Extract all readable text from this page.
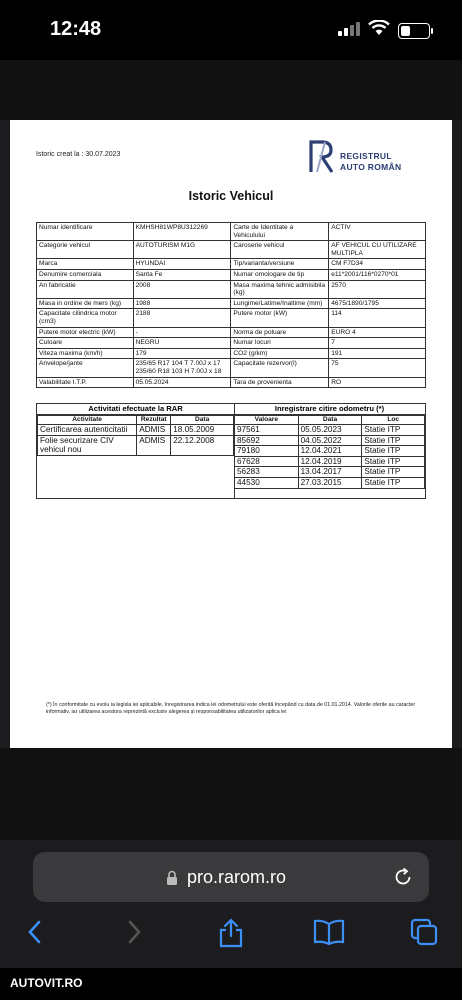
12:48
Istoric creat la : 30.07.2023	REGISTRUL
AUTO ROMÂN
Istoric Vehicul
Numar identificare	KMHSH81WP8U312269	Carte de Identitate a Vehiculului	ACTIV
Categorie vehicul	AUTOTURISM M1G	Caroserie vehicul	AF VEHICUL CU UTILIZARE MULTIPLA
Marca	HYUNDAI	Tip/varianta/versiune	CM F7D34
Denumire comerciala	Santa Fe	Numar omologare de tip	e11*2001/116*0270*01
An fabricatie	2008	Masa maxima tehnic admisibila (kg)	2570
Masa in ordine de mers (kg)	1988	Lungime/Latime/Inaltime (mm)	4675/1890/1795
Capacitate cilindrica motor (cm3)	2188	Putere motor (kW)	114
Putere motor electric (kW)	-	Norma de poluare	EURO 4
Culoare	NEGRU	Numar locuri	7
Viteza maxima (km/h)	179	CO2 (g/km)	191
Anvelope/jante	235/65 R17 104 T 7.00J x 17 235/60 R18 103 H 7.00J x 18	Capacitate rezervor(l)	75
Valabilitate I.T.P.	05.05.2024	Tara de provenienta	RO
Activitati efectuate la RAR
Activitate	Rezultat	Data
Certificarea autenticitatii	ADMIS	18.05.2009
Folie securizare CIV vehicul nou	ADMIS	22.12.2008
Inregistrare citire odometru (*)
Valoare	Data	Loc
97561	05.05.2023	Statie ITP
85692	04.05.2022	Statie ITP
79180	12.04.2021	Statie ITP
67628	12.04.2019	Statie ITP
56283	13.04.2017	Statie ITP
44530	27.03.2015	Statie ITP
(*) În conformitate cu evolu ia legisla iei aplicabile, înregistrarea indica iei odometrului este oferită începând cu data de 01.01.2014. Valorile oferite au caracter informativ, iar utilizarea acestora reprezintă exclusiv alegerea și responsabilitatea utilizatorilor aplica iei
pro.rarom.ro
AUTOVIT.RO
